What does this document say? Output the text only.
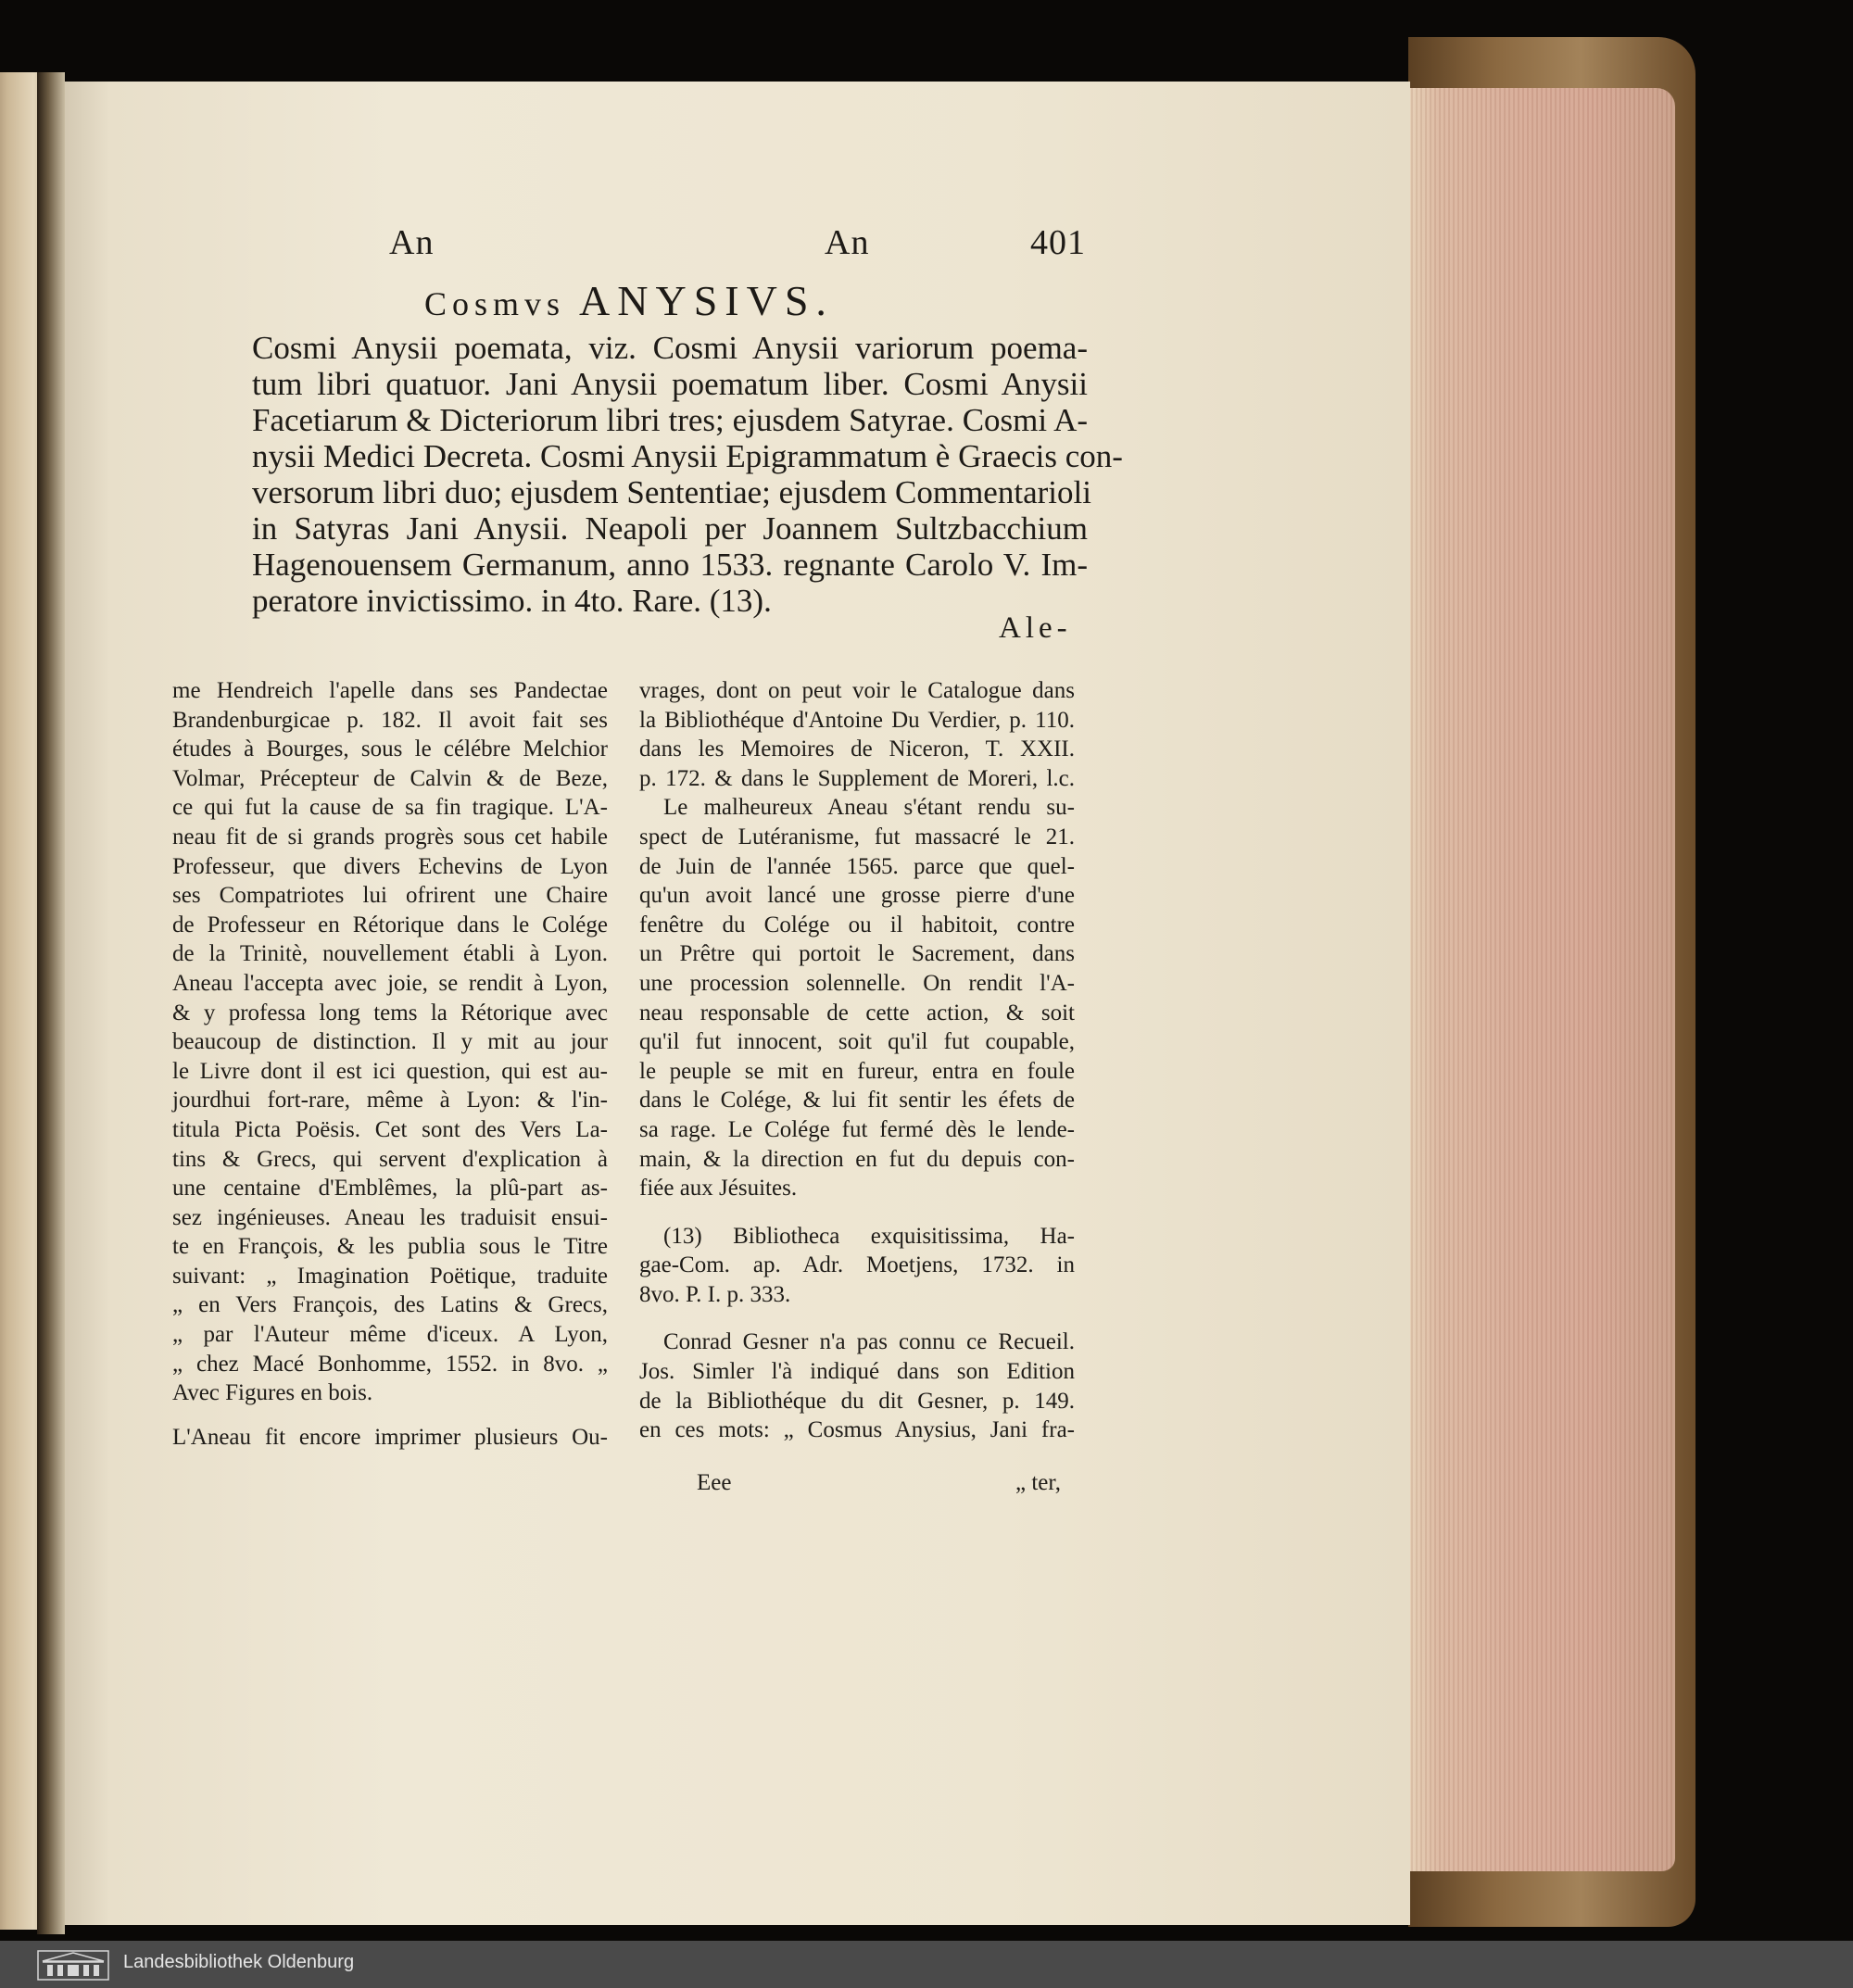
An	An	401
Cosmvs ANYSIVS.
Cosmi Anysii poemata, viz. Cosmi Anysii variorum poema-
tum libri quatuor. Jani Anysii poematum liber. Cosmi Anysii
Facetiarum & Dicteriorum libri tres; ejusdem Satyrae. Cosmi A-
nysii Medici Decreta. Cosmi Anysii Epigrammatum è Graecis con-
versorum libri duo; ejusdem Sententiae; ejusdem Commentarioli
in Satyras Jani Anysii. Neapoli per Joannem Sultzbacchium
Hagenouensem Germanum, anno 1533. regnante Carolo V. Im-
peratore invictissimo. in 4to. Rare. (13).
Ale-
me Hendreich l'apelle dans ses Pandectae
Brandenburgicae p. 182. Il avoit fait ses
études à Bourges, sous le célébre Melchior
Volmar, Précepteur de Calvin & de Beze,
ce qui fut la cause de sa fin tragique. L'A-
neau fit de si grands progrès sous cet habile
Professeur, que divers Echevins de Lyon
ses Compatriotes lui ofrirent une Chaire
de Professeur en Rétorique dans le Colége
de la Trinitè, nouvellement établi à Lyon.
Aneau l'accepta avec joie, se rendit à Lyon,
& y professa long tems la Rétorique avec
beaucoup de distinction. Il y mit au jour
le Livre dont il est ici question, qui est au-
jourdhui fort-rare, même à Lyon: & l'in-
titula Picta Poësis. Cet sont des Vers La-
tins & Grecs, qui servent d'explication à
une centaine d'Emblêmes, la plû-part as-
sez ingénieuses. Aneau les traduisit ensui-
te en François, & les publia sous le Titre
suivant: „ Imagination Poëtique, traduite
„ en Vers François, des Latins & Grecs,
„ par l'Auteur même d'iceux. A Lyon,
„ chez Macé Bonhomme, 1552. in 8vo. „
Avec Figures en bois.
L'Aneau fit encore imprimer plusieurs Ou-
vrages, dont on peut voir le Catalogue dans
la Bibliothéque d'Antoine Du Verdier, p. 110.
dans les Memoires de Niceron, T. XXII.
p. 172. & dans le Supplement de Moreri, l.c.
Le malheureux Aneau s'étant rendu su-
spect de Lutéranisme, fut massacré le 21.
de Juin de l'année 1565. parce que quel-
qu'un avoit lancé une grosse pierre d'une
fenêtre du Colége ou il habitoit, contre
un Prêtre qui portoit le Sacrement, dans
une procession solennelle. On rendit l'A-
neau responsable de cette action, & soit
qu'il fut innocent, soit qu'il fut coupable,
le peuple se mit en fureur, entra en foule
dans le Colége, & lui fit sentir les éfets de
sa rage. Le Colége fut fermé dès le lende-
main, & la direction en fut du depuis con-
fiée aux Jésuites.
(13) Bibliotheca exquisitissima, Ha-
gae-Com. ap. Adr. Moetjens, 1732. in
8vo. P. I. p. 333.
Conrad Gesner n'a pas connu ce Recueil.
Jos. Simler l'à indiqué dans son Edition
de la Bibliothéque du dit Gesner, p. 149.
en ces mots: „ Cosmus Anysius, Jani fra-
Eee	„ ter,
Landesbibliothek Oldenburg
